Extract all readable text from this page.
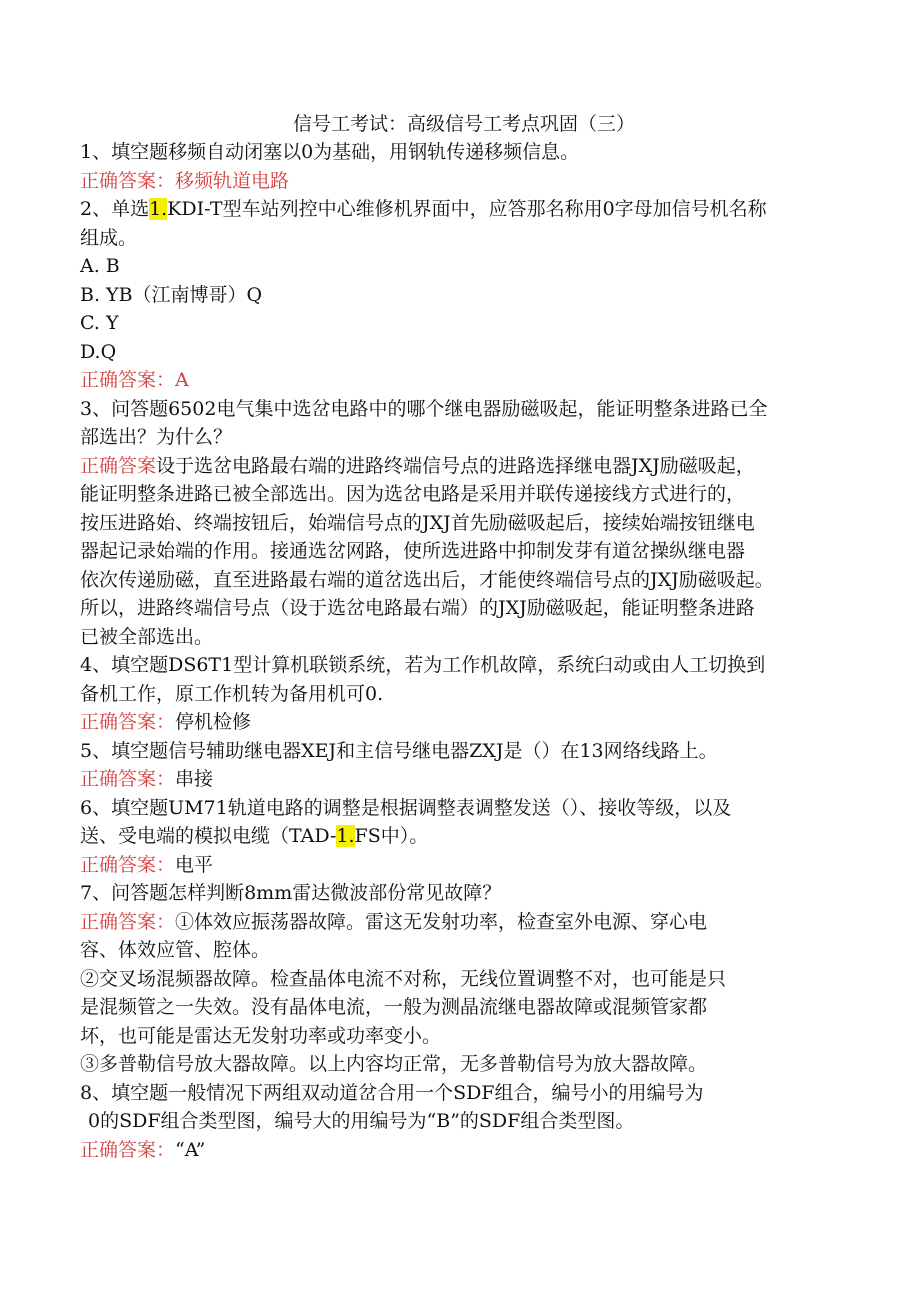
信号工考试：高级信号工考点巩固（三）
1、填空题移频自动闭塞以0为基础，用钢轨传递移频信息。
正确答案：移频轨道电路
2、单选1.KDI-T型车站列控中心维修机界面中，应答那名称用0字母加信号机名称
组成。
A. B
B. YB（江南博哥）Q
C. Y
D.Q
正确答案：A
3、问答题6502电气集中选岔电路中的哪个继电器励磁吸起，能证明整条进路已全
部选出？为什么？
正确答案设于选岔电路最右端的进路终端信号点的进路选择继电器JXJ励磁吸起，
能证明整条进路已被全部选出。因为选岔电路是采用并联传递接线方式进行的，
按压进路始、终端按钮后，始端信号点的JXJ首先励磁吸起后，接续始端按钮继电
器起记录始端的作用。接通选岔网路，使所选进路中抑制发芽有道岔操纵继电器
依次传递励磁，直至进路最右端的道岔选出后，才能使终端信号点的JXJ励磁吸起。
所以，进路终端信号点（设于选岔电路最右端）的JXJ励磁吸起，能证明整条进路
已被全部选出。
4、填空题DS6T1型计算机联锁系统，若为工作机故障，系统臼动或由人工切换到
备机工作，原工作机转为备用机可0.
正确答案：停机检修
5、填空题信号辅助继电器XEJ和主信号继电器ZXJ是（）在13网络线路上。
正确答案：串接
6、填空题UM71轨道电路的调整是根据调整表调整发送（）、接收等级，以及
送、受电端的模拟电缆（TAD-1.FS中）。
正确答案：电平
7、问答题怎样判断8mm雷达微波部份常见故障？
正确答案：①体效应振荡器故障。雷这无发射功率，检查室外电源、穿心电
容、体效应管、腔体。
②交叉场混频器故障。检查晶体电流不对称，无线位置调整不对，也可能是只
是混频管之一失效。没有晶体电流，一般为测晶流继电器故障或混频管家都
坏，也可能是雷达无发射功率或功率变小。
③多普勒信号放大器故障。以上内容均正常，无多普勒信号为放大器故障。
8、填空题一般情况下两组双动道岔合用一个SDF组合，编号小的用编号为
0的SDF组合类型图，编号大的用编号为“B”的SDF组合类型图。
正确答案：“A”
